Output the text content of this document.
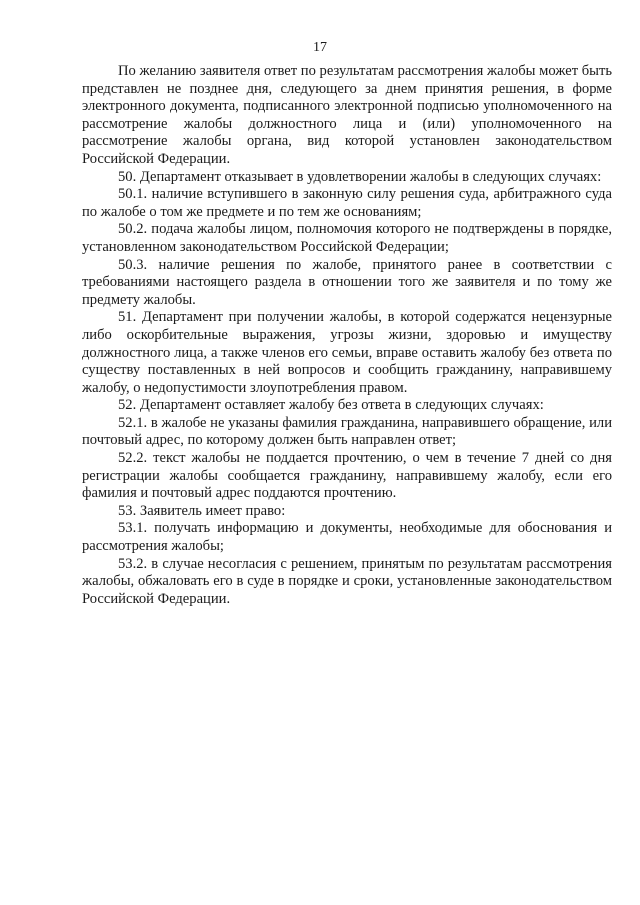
17

По желанию заявителя ответ по результатам рассмотрения жалобы может быть представлен не позднее дня, следующего за днем принятия решения, в форме электронного документа, подписанного электронной подписью уполномоченного на рассмотрение жалобы должностного лица и (или) уполномоченного на рассмотрение жалобы органа, вид которой установлен законодательством Российской Федерации.

50. Департамент отказывает в удовлетворении жалобы в следующих случаях:

50.1. наличие вступившего в законную силу решения суда, арбитражного суда по жалобе о том же предмете и по тем же основаниям;

50.2. подача жалобы лицом, полномочия которого не подтверждены в порядке, установленном законодательством Российской Федерации;

50.3. наличие решения по жалобе, принятого ранее в соответствии с требованиями настоящего раздела в отношении того же заявителя и по тому же предмету жалобы.

51. Департамент при получении жалобы, в которой содержатся нецензурные либо оскорбительные выражения, угрозы жизни, здоровью и имуществу должностного лица, а также членов его семьи, вправе оставить жалобу без ответа по существу поставленных в ней вопросов и сообщить гражданину, направившему жалобу, о недопустимости злоупотребления правом.

52. Департамент оставляет жалобу без ответа в следующих случаях:

52.1. в жалобе не указаны фамилия гражданина, направившего обращение, или почтовый адрес, по которому должен быть направлен ответ;

52.2. текст жалобы не поддается прочтению, о чем в течение 7 дней со дня регистрации жалобы сообщается гражданину, направившему жалобу, если его фамилия и почтовый адрес поддаются прочтению.

53. Заявитель имеет право:

53.1. получать информацию и документы, необходимые для обоснования и рассмотрения жалобы;

53.2. в случае несогласия с решением, принятым по результатам рассмотрения жалобы, обжаловать его в суде в порядке и сроки, установленные законодательством Российской Федерации.
